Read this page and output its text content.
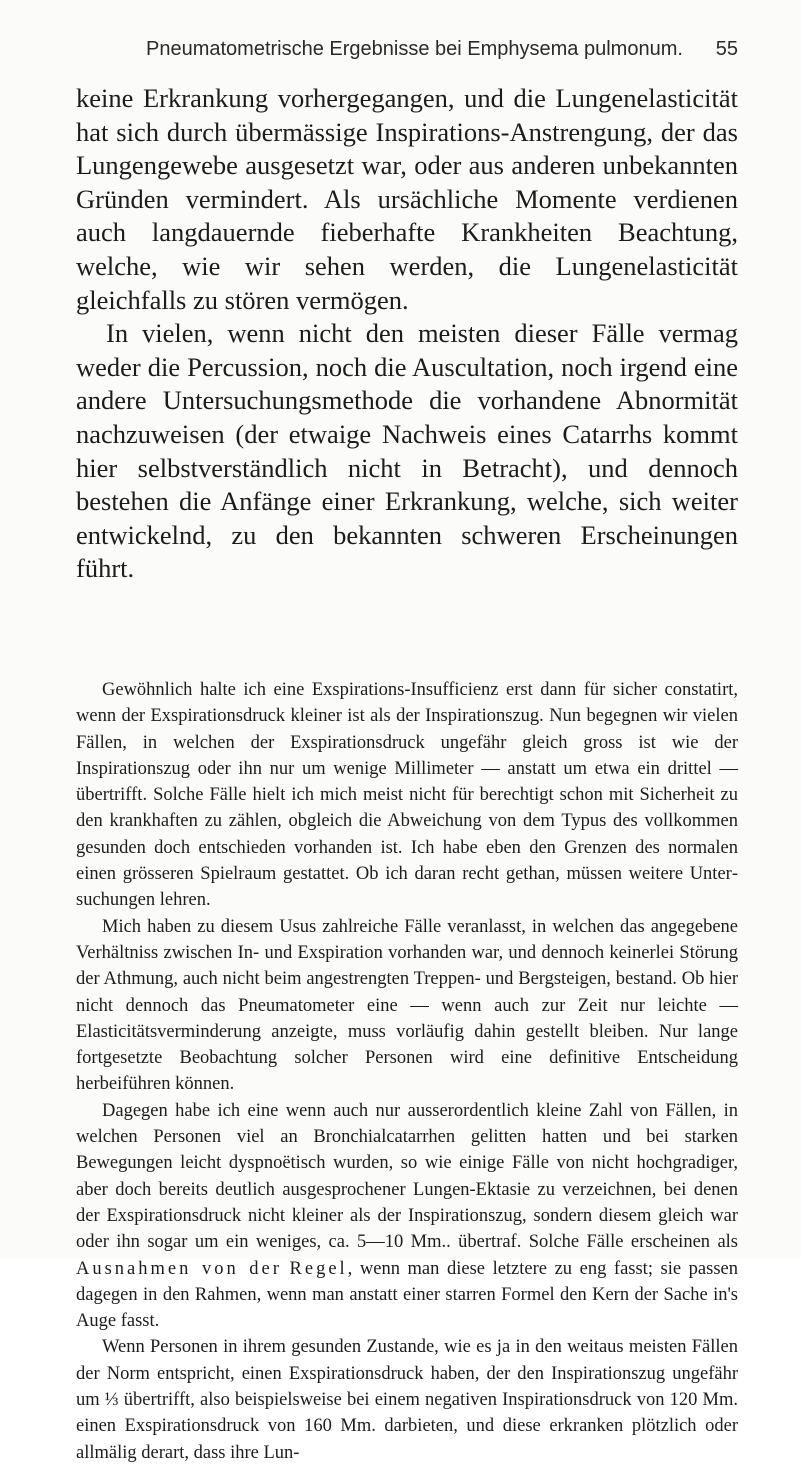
Pneumatometrische Ergebnisse bei Emphysema pulmonum. 55

keine Erkrankung vorhergegangen, und die Lungenelasticität hat sich durch übermässige Inspirations-Anstrengung, der das Lungengewebe ausgesetzt war, oder aus anderen unbekannten Gründen vermindert. Als ursächliche Momente verdienen auch langdauernde fieberhafte Krankheiten Beachtung, welche, wie wir sehen werden, die Lungenelasticität gleichfalls zu stören vermögen.

In vielen, wenn nicht den meisten dieser Fälle vermag weder die Percussion, noch die Auscultation, noch irgend eine andere Untersuchungsmethode die vorhandene Abnormität nachzuweisen (der etwaige Nachweis eines Catarrhs kommt hier selbstverständlich nicht in Betracht), und dennoch bestehen die Anfänge einer Erkrankung, welche, sich weiter entwickelnd, zu den bekannten schweren Erscheinungen führt.

Gewöhnlich halte ich eine Exspirations-Insufficienz erst dann für sicher constatirt, wenn der Exspirationsdruck kleiner ist als der Inspirationszug. Nun begegnen wir vielen Fällen, in welchen der Exspirationsdruck ungefähr gleich gross ist wie der Inspirationszug oder ihn nur um wenige Millimeter — anstatt um etwa ein drittel — übertrifft. Solche Fälle hielt ich mich meist nicht für berechtigt schon mit Sicherheit zu den krankhaften zu zählen, obgleich die Abweichung von dem Typus des vollkommen gesunden doch entschieden vorhanden ist. Ich habe eben den Grenzen des normalen einen grösseren Spielraum gestattet. Ob ich daran recht gethan, müssen weitere Untersuchungen lehren.

Mich haben zu diesem Usus zahlreiche Fälle veranlasst, in welchen das angegebene Verhältniss zwischen In- und Exspiration vorhanden war, und dennoch keinerlei Störung der Athmung, auch nicht beim angestrengten Treppen- und Bergsteigen, bestand. Ob hier nicht dennoch das Pneumatometer eine — wenn auch zur Zeit nur leichte — Elasticitätsverminderung anzeigte, muss vorläufig dahin gestellt bleiben. Nur lange fortgesetzte Beobachtung solcher Personen wird eine definitive Entscheidung herbeiführen können.

Dagegen habe ich eine wenn auch nur ausserordentlich kleine Zahl von Fällen, in welchen Personen viel an Bronchialcatarrhen gelitten hatten und bei starken Bewegungen leicht dyspnoëtisch wurden, so wie einige Fälle von nicht hochgradiger, aber doch bereits deutlich ausgesprochener Lungen-Ektasie zu verzeichnen, bei denen der Exspirationsdruck nicht kleiner als der Inspirationszug, sondern diesem gleich war oder ihn sogar um ein weniges, ca. 5—10 Mm.. übertraf. Solche Fälle erscheinen als Ausnahmen von der Regel, wenn man diese letztere zu eng fasst; sie passen dagegen in den Rahmen, wenn man anstatt einer starren Formel den Kern der Sache in's Auge fasst.

Wenn Personen in ihrem gesunden Zustande, wie es ja in den weitaus meisten Fällen der Norm entspricht, einen Exspirationsdruck haben, der den Inspirationszug ungefähr um ⅓ übertrifft, also beispielsweise bei einem negativen Inspirationsdruck von 120 Mm. einen Exspirationsdruck von 160 Mm. darbieten, und diese erkranken plötzlich oder allmälig derart, dass ihre Lun-
